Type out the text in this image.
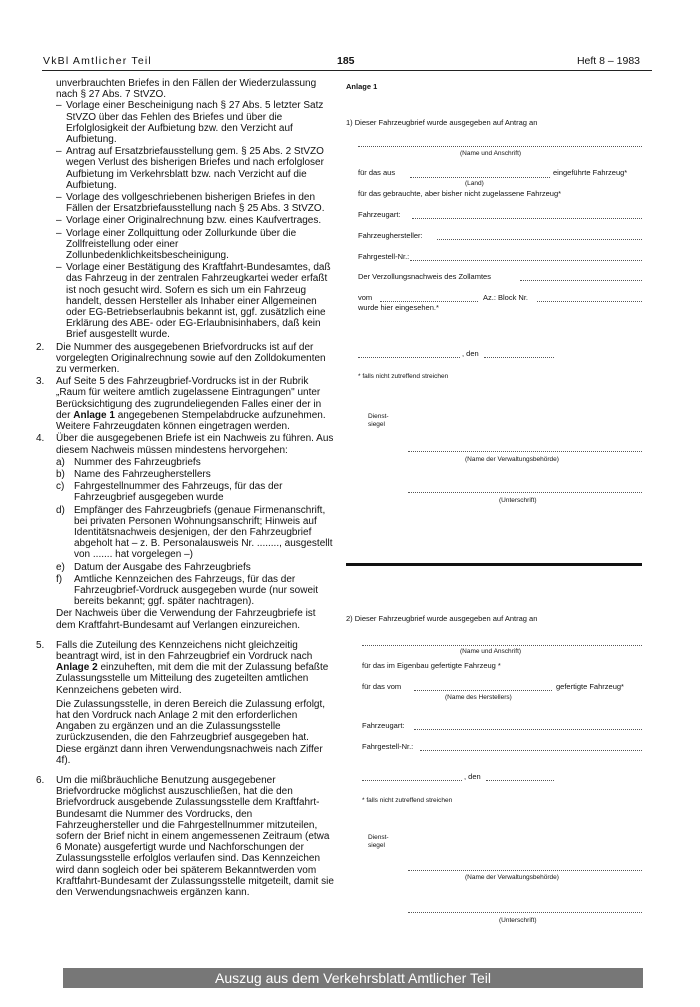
VkBl Amtlicher Teil	185	Heft 8 – 1983

unverbrauchten Briefes in den Fällen der Wiederzulassung nach § 27 Abs. 7 StVZO.

– Vorlage einer Bescheinigung nach § 27 Abs. 5 letzter Satz StVZO über das Fehlen des Briefes und über die Erfolglosigkeit der Aufbietung bzw. den Verzicht auf Aufbietung.
– Antrag auf Ersatzbriefausstellung gem. § 25 Abs. 2 StVZO wegen Verlust des bisherigen Briefes und nach erfolgloser Aufbietung im Verkehrsblatt bzw. nach Verzicht auf die Aufbietung.
– Vorlage des vollgeschriebenen bisherigen Briefes in den Fällen der Ersatzbriefausstellung nach § 25 Abs. 3 StVZO.
– Vorlage einer Originalrechnung bzw. eines Kaufvertrages.
– Vorlage einer Zollquittung oder Zollurkunde über die Zollfreistellung oder einer Zollunbedenklichkeitsbescheinigung.
– Vorlage einer Bestätigung des Kraftfahrt-Bundesamtes, daß das Fahrzeug in der zentralen Fahrzeugkartei weder erfaßt ist noch gesucht wird. Sofern es sich um ein Fahrzeug handelt, dessen Hersteller als Inhaber einer Allgemeinen oder EG-Betriebserlaubnis bekannt ist, ggf. zusätzlich eine Erklärung des ABE- oder EG-Erlaubnisinhabers, daß kein Brief ausgestellt wurde.
2. Die Nummer des ausgegebenen Briefvordrucks ist auf der vorgelegten Originalrechnung sowie auf den Zolldokumenten zu vermerken.
3. Auf Seite 5 des Fahrzeugbrief-Vordrucks ist in der Rubrik „Raum für weitere amtlich zugelassene Eintragungen" unter Berücksichtigung des zugrundeliegenden Falles einer der in der Anlage 1 angegebenen Stempelabdrucke aufzunehmen. Weitere Fahrzeugdaten können eingetragen werden.
4. Über die ausgegebenen Briefe ist ein Nachweis zu führen. Aus diesem Nachweis müssen mindestens hervorgehen:
a) Nummer des Fahrzeugbriefs
b) Name des Fahrzeugherstellers
c) Fahrgestellnummer des Fahrzeugs, für das der Fahrzeugbrief ausgegeben wurde
d) Empfänger des Fahrzeugbriefs (genaue Firmenanschrift, bei privaten Personen Wohnungsanschrift; Hinweis auf Identitätsnachweis desjenigen, der den Fahrzeugbrief abgeholt hat – z. B. Personalausweis Nr. ........, ausgestellt von ....... hat vorgelegen –)
e) Datum der Ausgabe des Fahrzeugbriefs
f) Amtliche Kennzeichen des Fahrzeugs, für das der Fahrzeugbrief-Vordruck ausgegeben wurde (nur soweit bereits bekannt; ggf. später nachtragen).

Der Nachweis über die Verwendung der Fahrzeugbriefe ist dem Kraftfahrt-Bundesamt auf Verlangen einzureichen.

5. Falls die Zuteilung des Kennzeichens nicht gleichzeitig beantragt wird, ist in den Fahrzeugbrief ein Vordruck nach Anlage 2 einzuheften, mit dem die mit der Zulassung befaßte Zulassungsstelle um Mitteilung des zugeteilten amtlichen Kennzeichens gebeten wird.

Die Zulassungsstelle, in deren Bereich die Zulassung erfolgt, hat den Vordruck nach Anlage 2 mit den erforderlichen Angaben zu ergänzen und an die Zulassungsstelle zurückzusenden, die den Fahrzeugbrief ausgegeben hat. Diese ergänzt dann ihren Verwendungsnachweis nach Ziffer 4f).

6. Um die mißbräuchliche Benutzung ausgegebener Briefvordrucke möglichst auszuschließen, hat die den Briefvordruck ausgebende Zulassungsstelle dem Kraftfahrt-Bundesamt die Nummer des Vordrucks, den Fahrzeughersteller und die Fahrgestellnummer mitzuteilen, sofern der Brief nicht in einem angemessenen Zeitraum (etwa 6 Monate) ausgefertigt wurde und Nachforschungen der Zulassungsstelle erfolglos verlaufen sind. Das Kennzeichen wird dann sogleich oder bei späterem Bekanntwerden vom Kraftfahrt-Bundesamt der Zulassungsstelle mitgeteilt, damit sie den Verwendungsnachweis ergänzen kann.
Anlage 1
1) Dieser Fahrzeugbrief wurde ausgegeben auf Antrag an
(Name und Anschrift)
für das aus	eingeführte Fahrzeug*
(Land)
für das gebrauchte, aber bisher nicht zugelassene Fahrzeug*
Fahrzeugart:
Fahrzeughersteller:
Fahrgestell-Nr.:
Der Verzollungsnachweis des Zollamtes
vom	Az.: Block Nr.
wurde hier eingesehen.*
, den
* falls nicht zutreffend streichen
Dienst-
siegel
(Name der Verwaltungsbehörde)
(Unterschrift)
2) Dieser Fahrzeugbrief wurde ausgegeben auf Antrag an
(Name und Anschrift)
für das im Eigenbau gefertigte Fahrzeug *
für das vom	gefertigte Fahrzeug*
(Name des Herstellers)
Fahrzeugart:
Fahrgestell-Nr.:
, den
* falls nicht zutreffend streichen
Dienst-
siegel
(Name der Verwaltungsbehörde)
(Unterschrift)
Auszug aus dem Verkehrsblatt Amtlicher Teil
